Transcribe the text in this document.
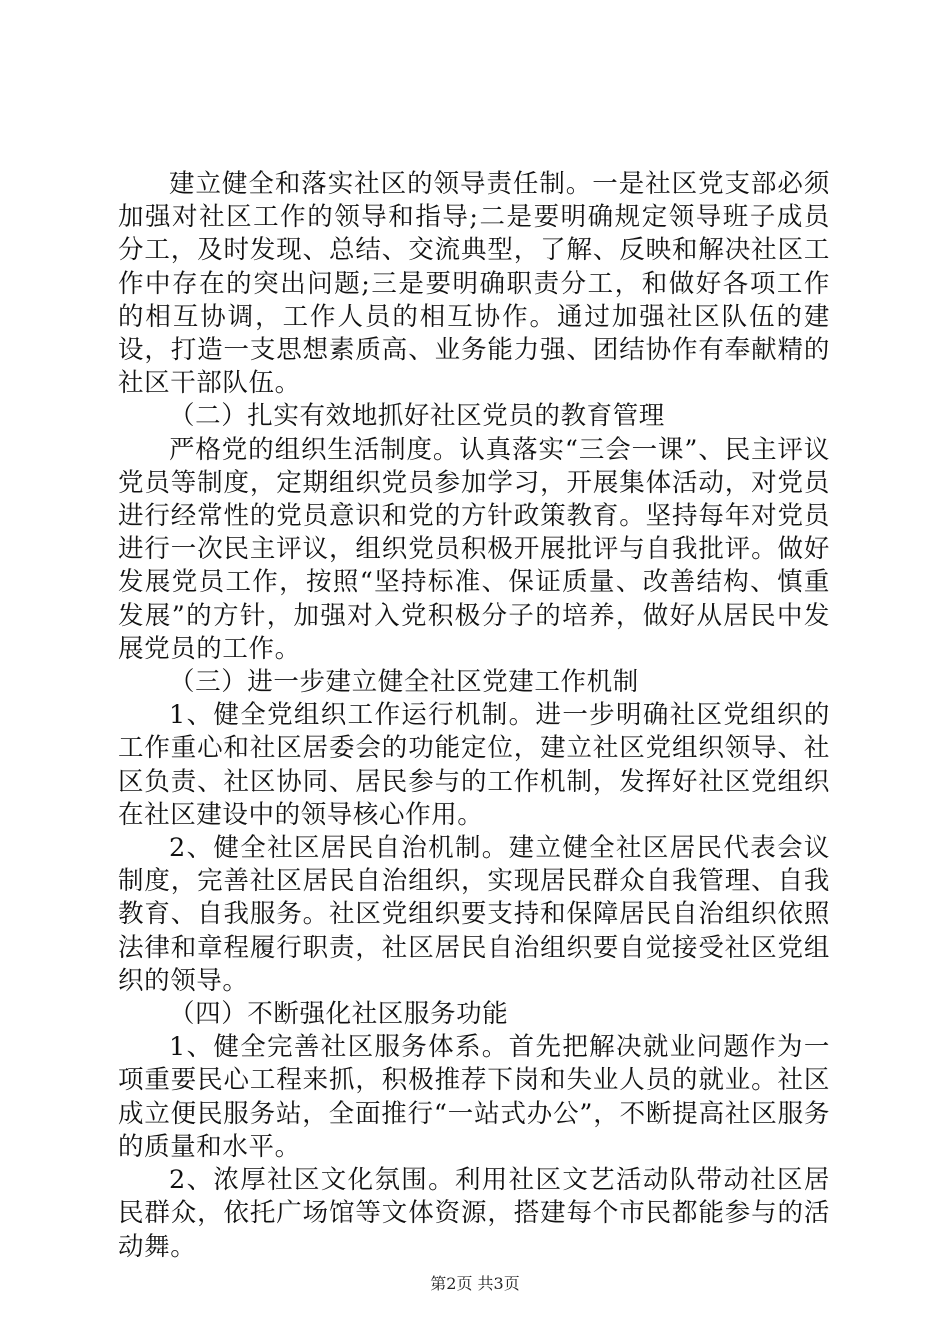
建立健全和落实社区的领导责任制。一是社区党支部必须加强对社区工作的领导和指导;二是要明确规定领导班子成员分工，及时发现、总结、交流典型，了解、反映和解决社区工作中存在的突出问题;三是要明确职责分工，和做好各项工作的相互协调，工作人员的相互协作。通过加强社区队伍的建设，打造一支思想素质高、业务能力强、团结协作有奉献精的社区干部队伍。

（二）扎实有效地抓好社区党员的教育管理

严格党的组织生活制度。认真落实“三会一课”、民主评议党员等制度，定期组织党员参加学习，开展集体活动，对党员进行经常性的党员意识和党的方针政策教育。坚持每年对党员进行一次民主评议，组织党员积极开展批评与自我批评。做好发展党员工作，按照“坚持标准、保证质量、改善结构、慎重发展”的方针，加强对入党积极分子的培养，做好从居民中发展党员的工作。

（三）进一步建立健全社区党建工作机制

1、健全党组织工作运行机制。进一步明确社区党组织的工作重心和社区居委会的功能定位，建立社区党组织领导、社区负责、社区协同、居民参与的工作机制，发挥好社区党组织在社区建设中的领导核心作用。

2、健全社区居民自治机制。建立健全社区居民代表会议制度，完善社区居民自治组织，实现居民群众自我管理、自我教育、自我服务。社区党组织要支持和保障居民自治组织依照法律和章程履行职责，社区居民自治组织要自觉接受社区党组织的领导。

（四）不断强化社区服务功能

1、健全完善社区服务体系。首先把解决就业问题作为一项重要民心工程来抓，积极推荐下岗和失业人员的就业。社区成立便民服务站，全面推行“一站式办公”，不断提高社区服务的质量和水平。

2、浓厚社区文化氛围。利用社区文艺活动队带动社区居民群众，依托广场馆等文体资源，搭建每个市民都能参与的活动舞。

第2页 共3页
